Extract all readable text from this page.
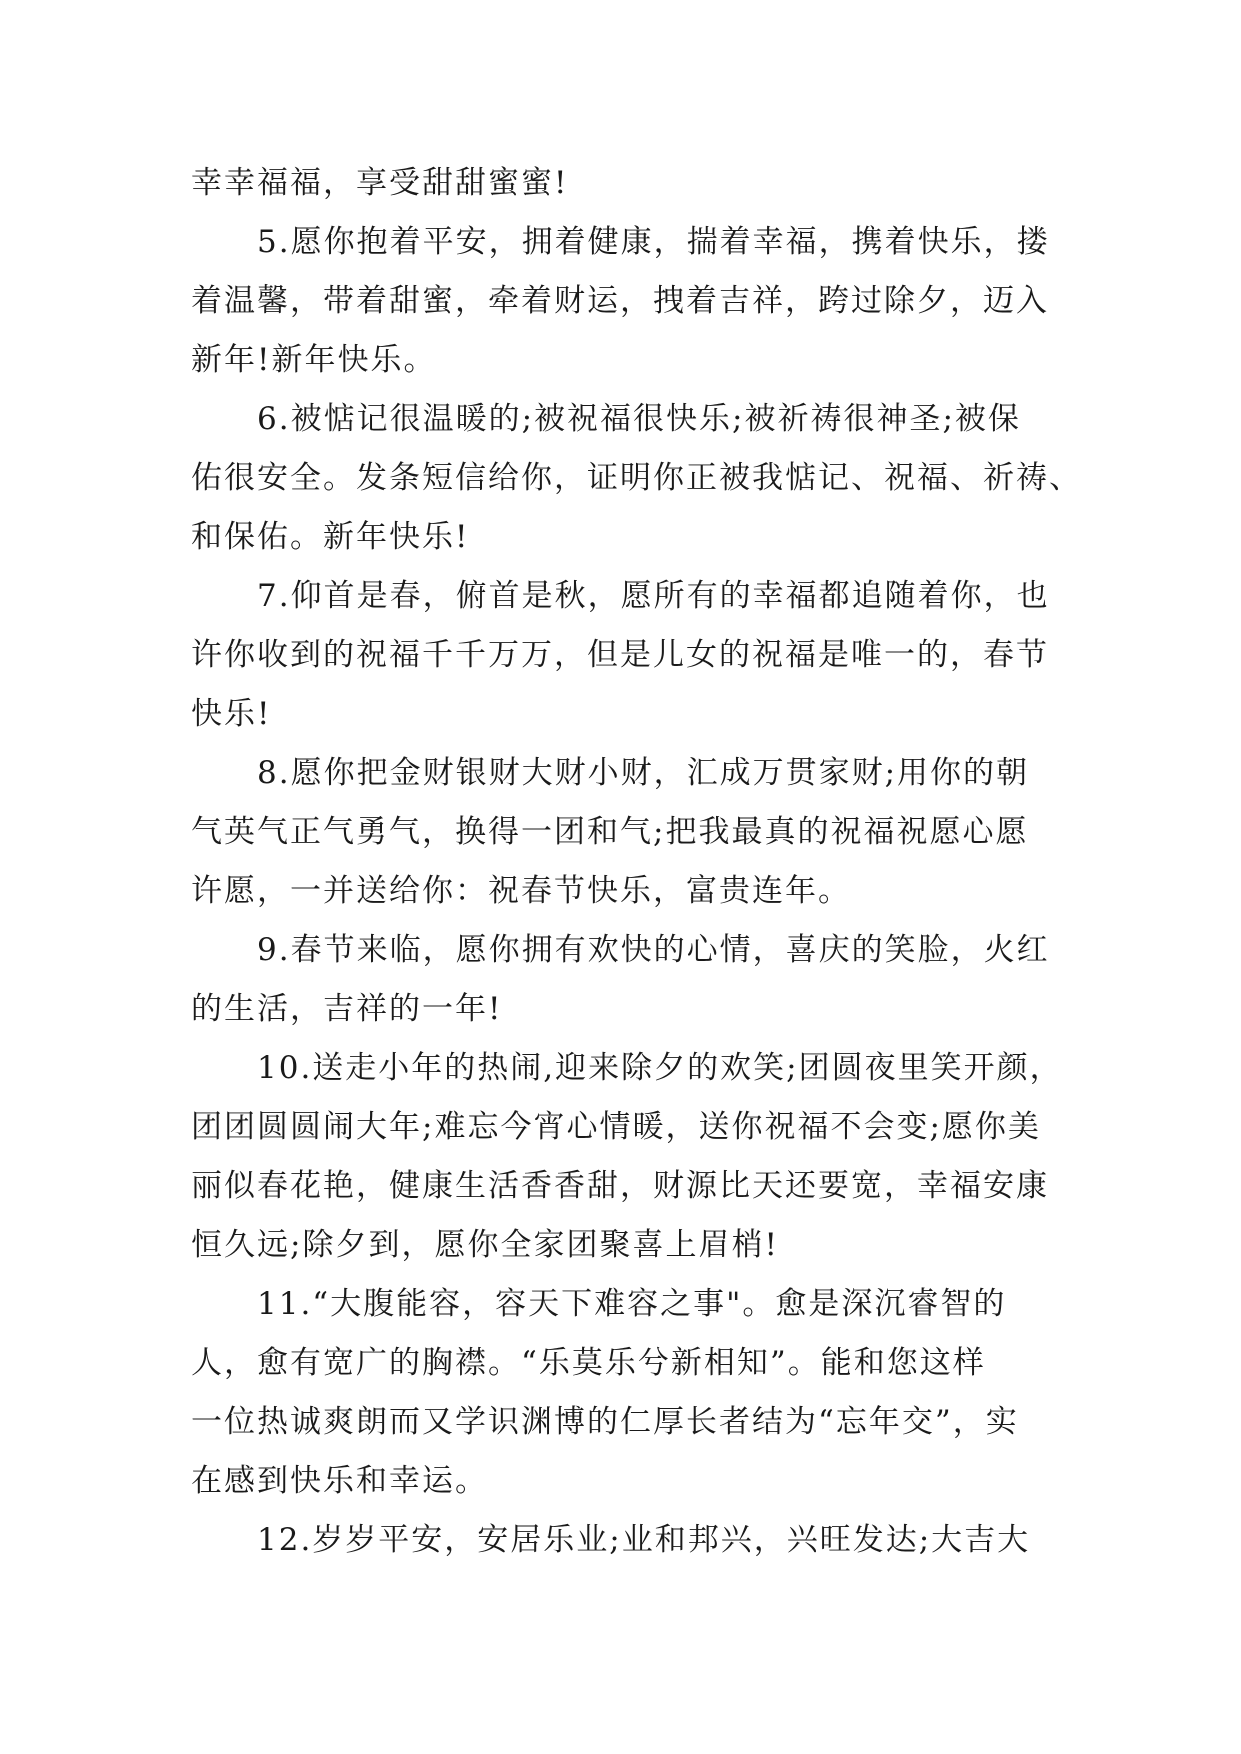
幸幸福福，享受甜甜蜜蜜!

　　5.愿你抱着平安，拥着健康，揣着幸福，携着快乐，搂

着温馨，带着甜蜜，牵着财运，拽着吉祥，跨过除夕，迈入

新年!新年快乐。

　　6.被惦记很温暖的;被祝福很快乐;被祈祷很神圣;被保

佑很安全。发条短信给你，证明你正被我惦记、祝福、祈祷、

和保佑。新年快乐!

　　7.仰首是春，俯首是秋，愿所有的幸福都追随着你，也

许你收到的祝福千千万万，但是儿女的祝福是唯一的，春节

快乐!

　　8.愿你把金财银财大财小财，汇成万贯家财;用你的朝

气英气正气勇气，换得一团和气;把我最真的祝福祝愿心愿

许愿，一并送给你：祝春节快乐，富贵连年。

　　9.春节来临，愿你拥有欢快的心情，喜庆的笑脸，火红

的生活，吉祥的一年!

　　10.送走小年的热闹,迎来除夕的欢笑;团圆夜里笑开颜，

团团圆圆闹大年;难忘今宵心情暖，送你祝福不会变;愿你美

丽似春花艳，健康生活香香甜，财源比天还要宽，幸福安康

恒久远;除夕到，愿你全家团聚喜上眉梢!

　　11.“大腹能容，容天下难容之事"。愈是深沉睿智的

人，愈有宽广的胸襟。“乐莫乐兮新相知”。能和您这样

一位热诚爽朗而又学识渊博的仁厚长者结为“忘年交”，实

在感到快乐和幸运。

　　12.岁岁平安，安居乐业;业和邦兴，兴旺发达;大吉大
